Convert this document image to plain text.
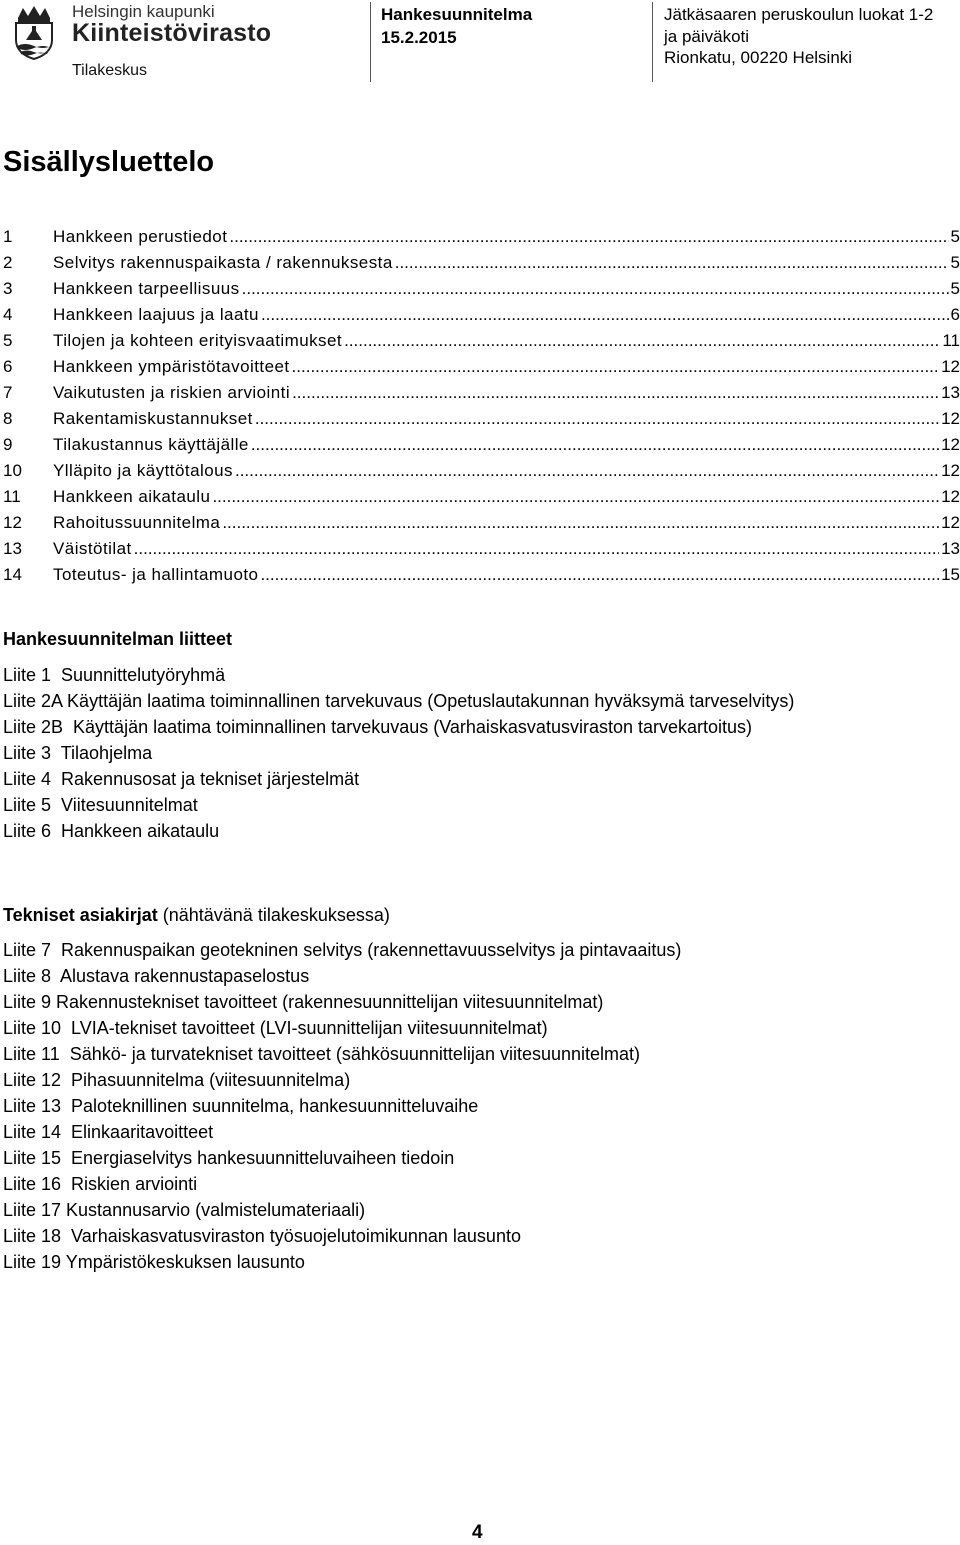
Helsingin kaupunki
Kiinteistövirasto
Tilakeskus
Hankesuunnitelma
15.2.2015
Jätkäsaaren peruskoulun luokat 1-2
ja päiväkoti
Rionkatu, 00220 Helsinki
Sisällysluettelo
1	Hankkeen perustiedot .....	5
2	Selvitys rakennuspaikasta / rakennuksesta .....	5
3	Hankkeen tarpeellisuus .....	5
4	Hankkeen laajuus ja laatu .....	6
5	Tilojen ja kohteen erityisvaatimukset .....	11
6	Hankkeen ympäristötavoitteet .....	12
7	Vaikutusten ja riskien arviointi .....	13
8	Rakentamiskustannukset .....	12
9	Tilakustannus käyttäjälle .....	12
10	Ylläpito ja käyttötalous .....	12
11	Hankkeen aikataulu .....	12
12	Rahoitussuunnitelma .....	12
13	Väistötilat .....	13
14	Toteutus- ja hallintamuoto .....	15
Hankesuunnitelman liitteet
Liite 1  Suunnittelutyöryhmä
Liite 2A Käyttäjän laatima toiminnallinen tarvekuvaus (Opetuslautakunnan hyväksymä tarveselvitys)
Liite 2B  Käyttäjän laatima toiminnallinen tarvekuvaus (Varhaiskasvatusviraston tarvekartoitus)
Liite 3  Tilaohjelma
Liite 4  Rakennusosat ja tekniset järjestelmät
Liite 5  Viitesuunnitelmat
Liite 6  Hankkeen aikataulu
Tekniset asiakirjat (nähtävänä tilakeskuksessa)
Liite 7  Rakennuspaikan geotekninen selvitys (rakennettavuusselvitys ja pintavaaitus)
Liite 8  Alustava rakennustapaselostus
Liite 9 Rakennustekniset tavoitteet (rakennesuunnittelijan viitesuunnitelmat)
Liite 10  LVIA-tekniset tavoitteet (LVI-suunnittelijan viitesuunnitelmat)
Liite 11  Sähkö- ja turvatekniset tavoitteet (sähkösuunnittelijan viitesuunnitelmat)
Liite 12  Pihasuunnitelma (viitesuunnitelma)
Liite 13  Paloteknillinen suunnitelma, hankesuunnitteluvaihe
Liite 14  Elinkaaritavoitteet
Liite 15  Energiaselvitys hankesuunnitteluvaiheen tiedoin
Liite 16  Riskien arviointi
Liite 17 Kustannusarvio (valmistelumateriaali)
Liite 18  Varhaiskasvatusviraston työsuojelutoimikunnan lausunto
Liite 19 Ympäristökeskuksen lausunto
4
